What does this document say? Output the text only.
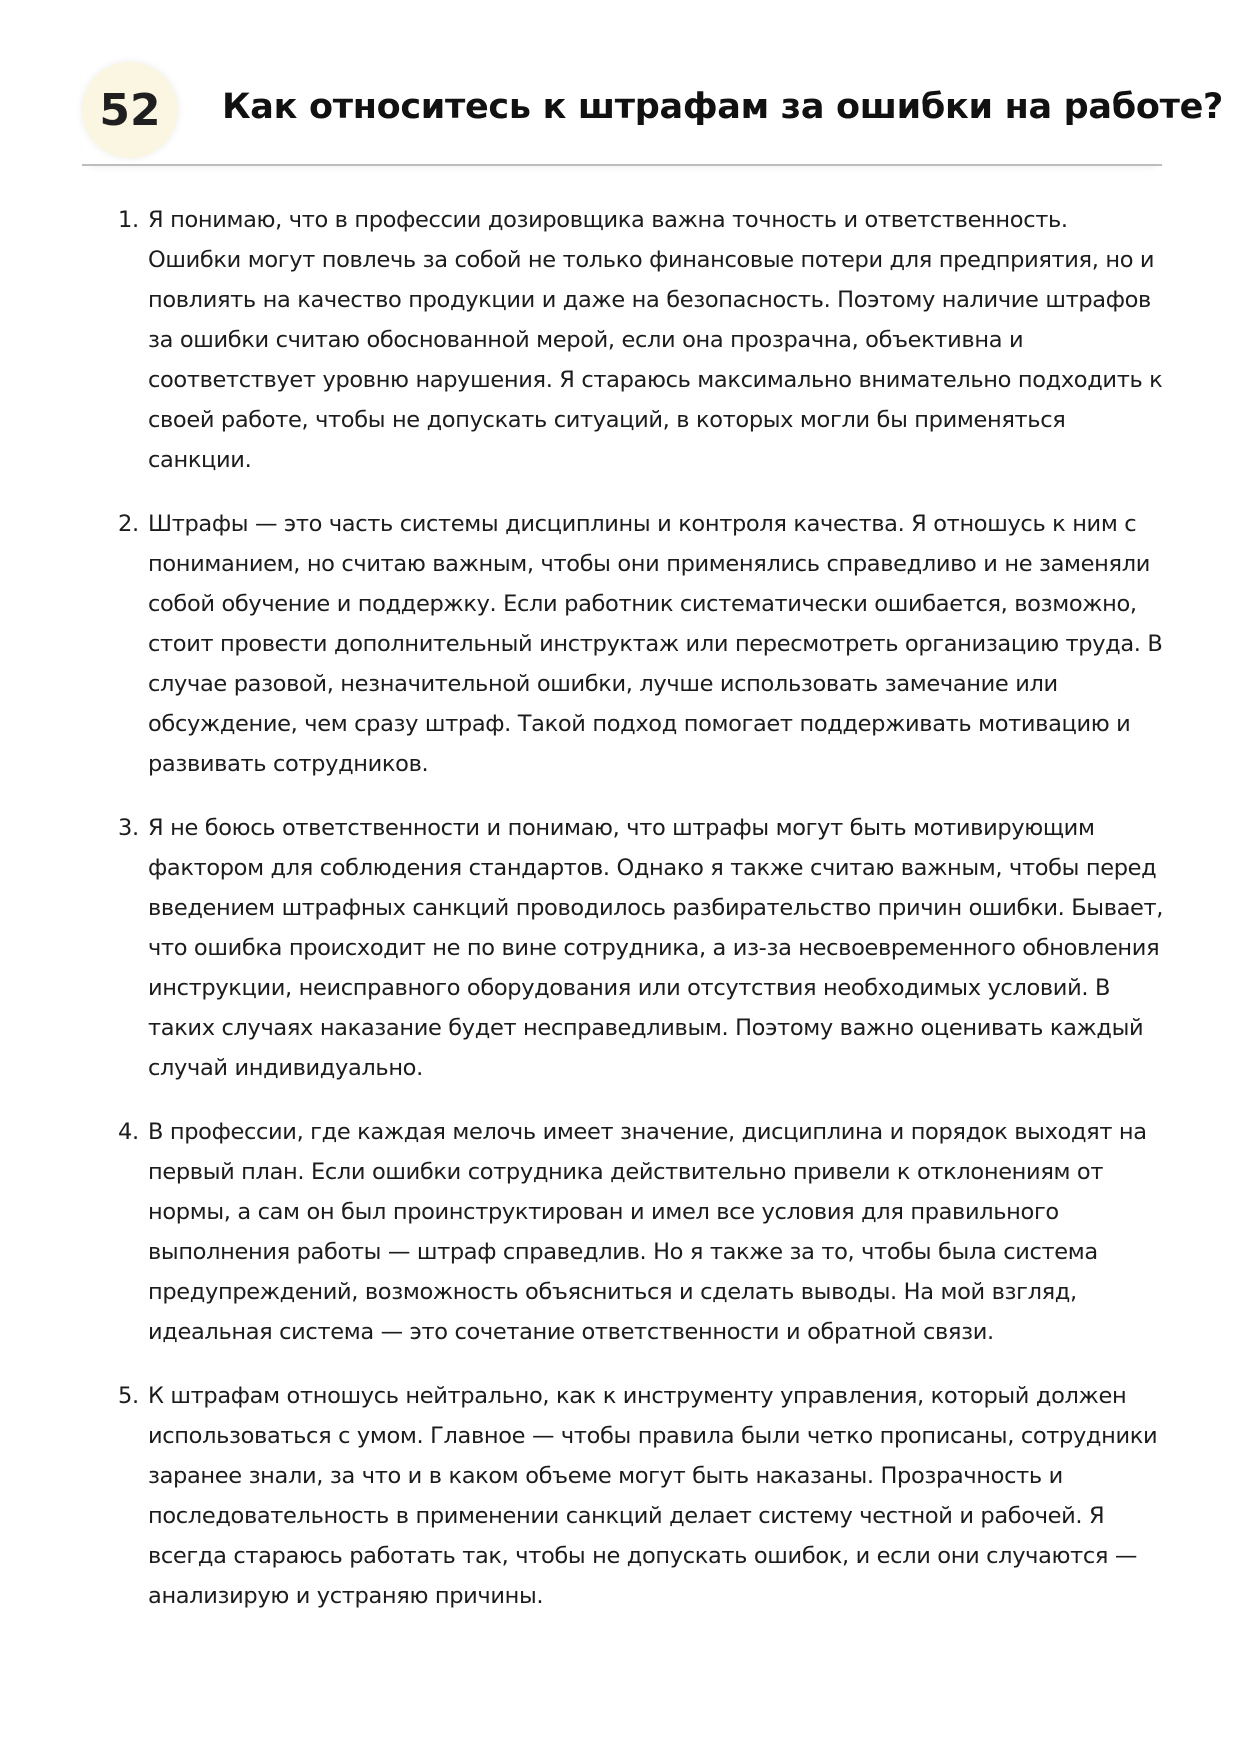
52	Как относитесь к штрафам за ошибки на работе?
1. Я понимаю, что в профессии дозировщика важна точность и ответственность. Ошибки могут повлечь за собой не только финансовые потери для предприятия, но и повлиять на качество продукции и даже на безопасность. Поэтому наличие штрафов за ошибки считаю обоснованной мерой, если она прозрачна, объективна и соответствует уровню нарушения. Я стараюсь максимально внимательно подходить к своей работе, чтобы не допускать ситуаций, в которых могли бы применяться санкции.
2. Штрафы — это часть системы дисциплины и контроля качества. Я отношусь к ним с пониманием, но считаю важным, чтобы они применялись справедливо и не заменяли собой обучение и поддержку. Если работник систематически ошибается, возможно, стоит провести дополнительный инструктаж или пересмотреть организацию труда. В случае разовой, незначительной ошибки, лучше использовать замечание или обсуждение, чем сразу штраф. Такой подход помогает поддерживать мотивацию и развивать сотрудников.
3. Я не боюсь ответственности и понимаю, что штрафы могут быть мотивирующим фактором для соблюдения стандартов. Однако я также считаю важным, чтобы перед введением штрафных санкций проводилось разбирательство причин ошибки. Бывает, что ошибка происходит не по вине сотрудника, а из-за несвоевременного обновления инструкции, неисправного оборудования или отсутствия необходимых условий. В таких случаях наказание будет несправедливым. Поэтому важно оценивать каждый случай индивидуально.
4. В профессии, где каждая мелочь имеет значение, дисциплина и порядок выходят на первый план. Если ошибки сотрудника действительно привели к отклонениям от нормы, а сам он был проинструктирован и имел все условия для правильного выполнения работы — штраф справедлив. Но я также за то, чтобы была система предупреждений, возможность объясниться и сделать выводы. На мой взгляд, идеальная система — это сочетание ответственности и обратной связи.
5. К штрафам отношусь нейтрально, как к инструменту управления, который должен использоваться с умом. Главное — чтобы правила были четко прописаны, сотрудники заранее знали, за что и в каком объеме могут быть наказаны. Прозрачность и последовательность в применении санкций делает систему честной и рабочей. Я всегда стараюсь работать так, чтобы не допускать ошибок, и если они случаются — анализирую и устраняю причины.
